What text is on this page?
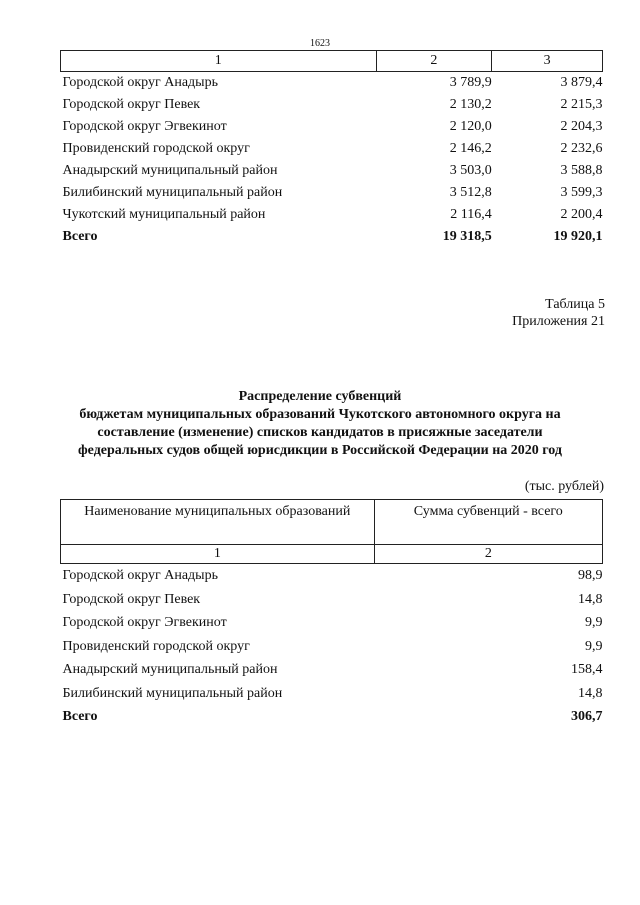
1623
1	2	3
Городской округ Анадырь	3 789,9	3 879,4
Городской округ Певек	2 130,2	2 215,3
Городской округ Эгвекинот	2 120,0	2 204,3
Провиденский городской округ	2 146,2	2 232,6
Анадырский муниципальный район	3 503,0	3 588,8
Билибинский муниципальный район	3 512,8	3 599,3
Чукотский муниципальный район	2 116,4	2 200,4
Всего	19 318,5	19 920,1
Таблица 5
Приложения 21
Распределение субвенций
бюджетам муниципальных образований Чукотского автономного округа на
составление (изменение) списков кандидатов в присяжные заседатели
федеральных судов общей юрисдикции в Российской Федерации на 2020 год
(тыс. рублей)
Наименование муниципальных образований	Сумма субвенций - всего
1	2
Городской округ Анадырь	98,9
Городской округ Певек	14,8
Городской округ Эгвекинот	9,9
Провиденский городской округ	9,9
Анадырский муниципальный район	158,4
Билибинский муниципальный район	14,8
Всего	306,7
